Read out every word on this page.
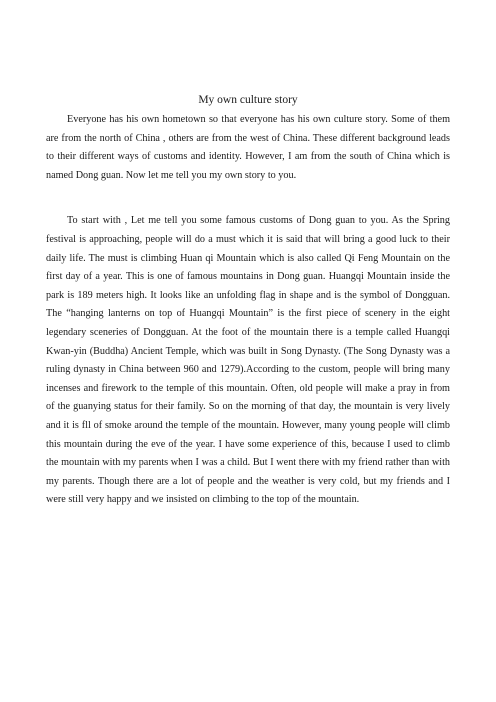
My own culture story

Everyone has his own hometown so that everyone has his own culture story. Some of them are from the north of China , others are from the west of China. These different background leads to their different ways of customs and identity. However, I am from the south of China which is named Dong guan. Now let me tell you my own story to you.

To start with , Let me tell you some famous customs of Dong guan to you. As the Spring festival is approaching, people will do a must which it is said that will bring a good luck to their daily life. The must is climbing Huan qi Mountain which is also called Qi Feng Mountain on the first day of a year. This is one of famous mountains in Dong guan. Huangqi Mountain inside the park is 189 meters high. It looks like an unfolding flag in shape and is the symbol of Dongguan. The “hanging lanterns on top of Huangqi Mountain” is the first piece of scenery in the eight legendary sceneries of Dongguan. At the foot of the mountain there is a temple called Huangqi Kwan-yin (Buddha) Ancient Temple, which was built in Song Dynasty. (The Song Dynasty was a ruling dynasty in China between 960 and 1279).According to the custom, people will bring many incenses and firework to the temple of this mountain. Often, old people will make a pray in from of the guanying status for their family. So on the morning of that day, the mountain is very lively and it is fll of smoke around the temple of the mountain. However, many young people will climb this mountain during the eve of the year. I have some experience of this, because I used to climb the mountain with my parents when I was a child. But I went there with my friend rather than with my parents. Though there are a lot of people and the weather is very cold, but my friends and I were still very happy and we insisted on climbing to the top of the mountain.
